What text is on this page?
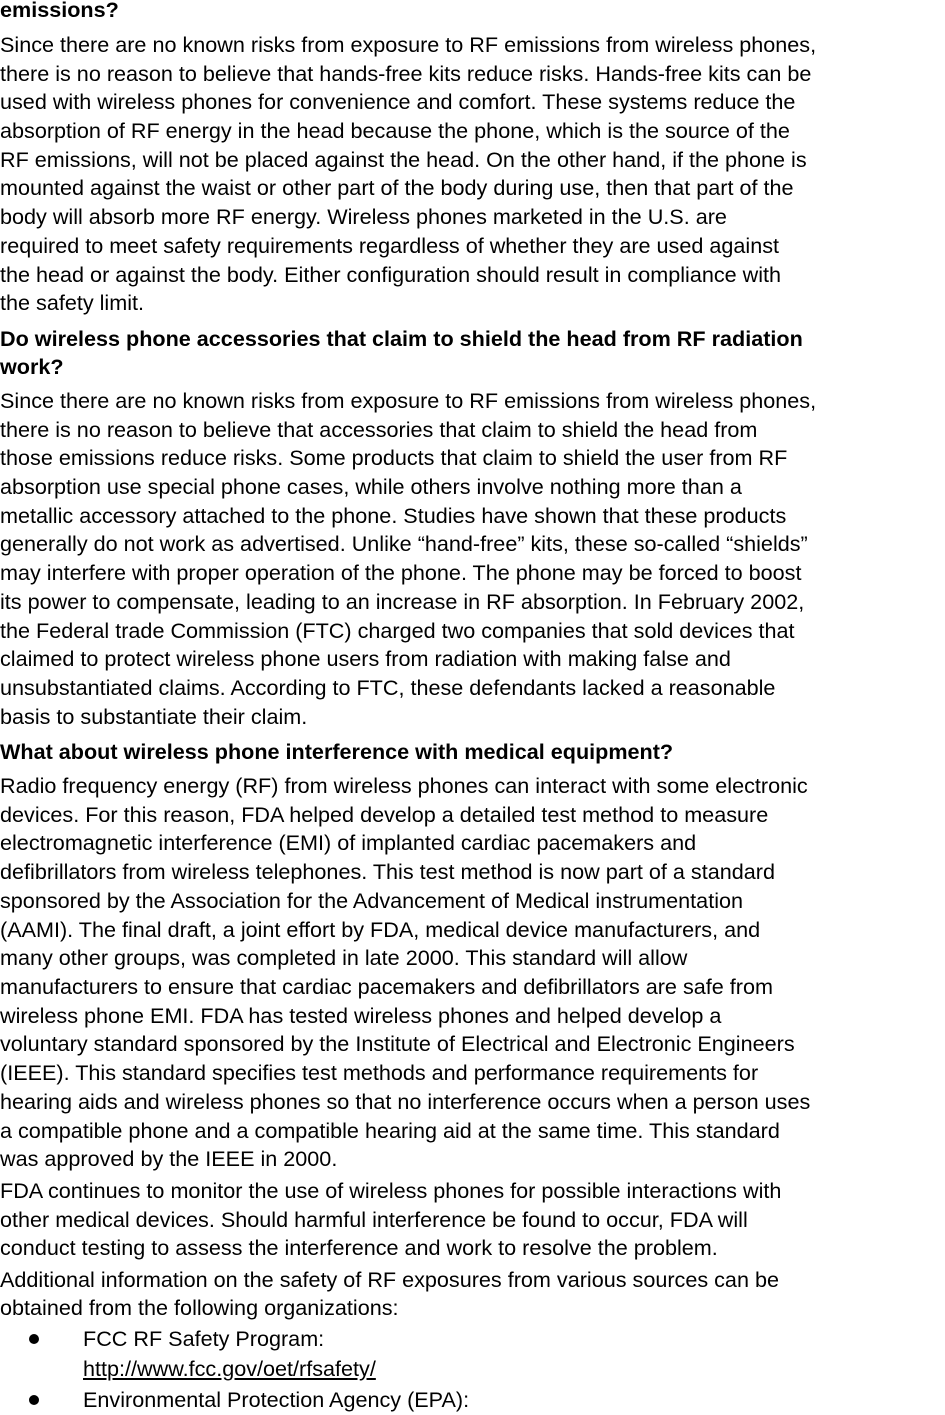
emissions?
Since there are no known risks from exposure to RF emissions from wireless phones,
there is no reason to believe that hands-free kits reduce risks. Hands-free kits can be
used with wireless phones for convenience and comfort. These systems reduce the
absorption of RF energy in the head because the phone, which is the source of the
RF emissions, will not be placed against the head. On the other hand, if the phone is
mounted against the waist or other part of the body during use, then that part of the
body will absorb more RF energy. Wireless phones marketed in the U.S. are
required to meet safety requirements regardless of whether they are used against
the head or against the body. Either configuration should result in compliance with
the safety limit.
Do wireless phone accessories that claim to shield the head from RF radiation
work?
Since there are no known risks from exposure to RF emissions from wireless phones,
there is no reason to believe that accessories that claim to shield the head from
those emissions reduce risks. Some products that claim to shield the user from RF
absorption use special phone cases, while others involve nothing more than a
metallic accessory attached to the phone. Studies have shown that these products
generally do not work as advertised. Unlike “hand-free” kits, these so-called “shields”
may interfere with proper operation of the phone. The phone may be forced to boost
its power to compensate, leading to an increase in RF absorption. In February 2002,
the Federal trade Commission (FTC) charged two companies that sold devices that
claimed to protect wireless phone users from radiation with making false and
unsubstantiated claims. According to FTC, these defendants lacked a reasonable
basis to substantiate their claim.
What about wireless phone interference with medical equipment?
Radio frequency energy (RF) from wireless phones can interact with some electronic
devices. For this reason, FDA helped develop a detailed test method to measure
electromagnetic interference (EMI) of implanted cardiac pacemakers and
defibrillators from wireless telephones. This test method is now part of a standard
sponsored by the Association for the Advancement of Medical instrumentation
(AAMI). The final draft, a joint effort by FDA, medical device manufacturers, and
many other groups, was completed in late 2000. This standard will allow
manufacturers to ensure that cardiac pacemakers and defibrillators are safe from
wireless phone EMI. FDA has tested wireless phones and helped develop a
voluntary standard sponsored by the Institute of Electrical and Electronic Engineers
(IEEE). This standard specifies test methods and performance requirements for
hearing aids and wireless phones so that no interference occurs when a person uses
a compatible phone and a compatible hearing aid at the same time. This standard
was approved by the IEEE in 2000.
FDA continues to monitor the use of wireless phones for possible interactions with
other medical devices. Should harmful interference be found to occur, FDA will
conduct testing to assess the interference and work to resolve the problem.
Additional information on the safety of RF exposures from various sources can be
obtained from the following organizations:
FCC RF Safety Program:
http://www.fcc.gov/oet/rfsafety/
Environmental Protection Agency (EPA):
